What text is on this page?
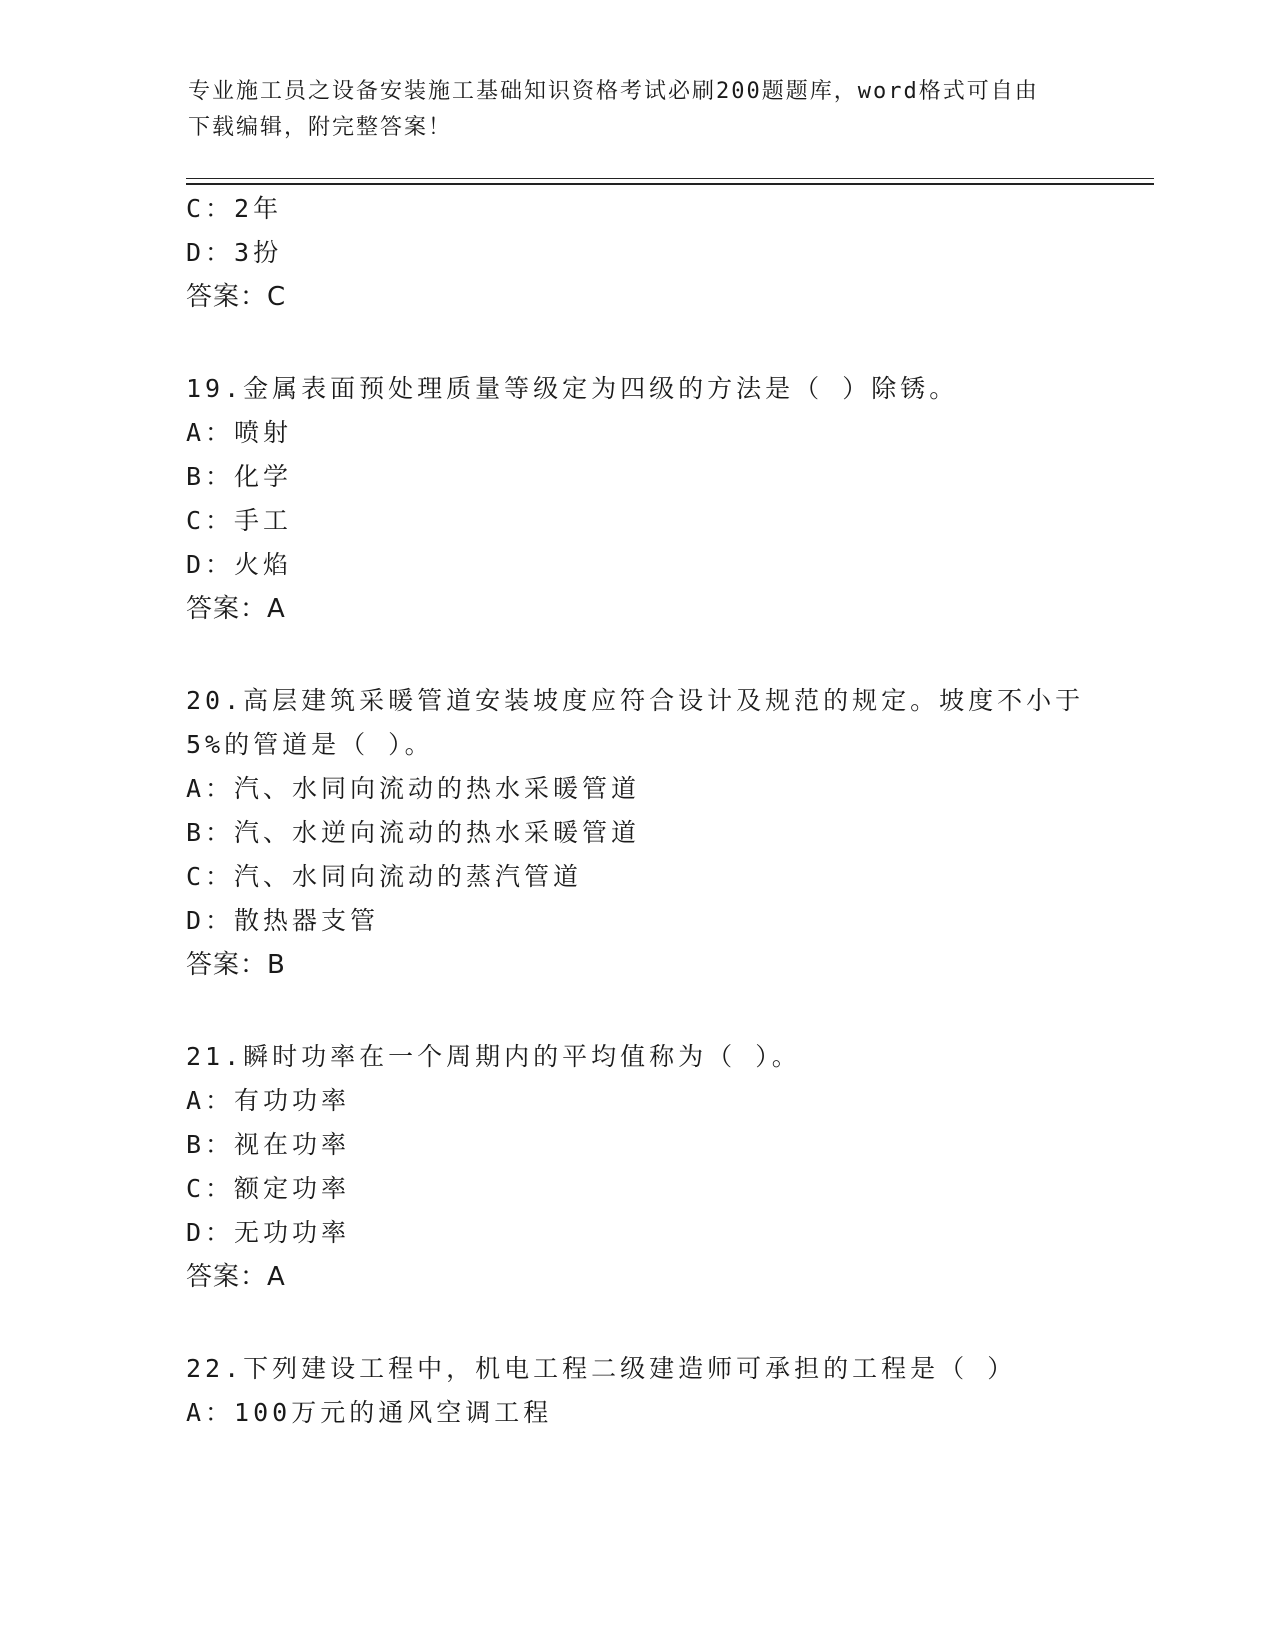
专业施工员之设备安装施工基础知识资格考试必刷200题题库，word格式可自由
下载编辑，附完整答案！
C：2年
D：3扮
答案：C
19.金属表面预处理质量等级定为四级的方法是（ ）除锈。
A：喷射
B：化学
C：手工
D：火焰
答案：A
20.高层建筑采暖管道安装坡度应符合设计及规范的规定。坡度不小于
5%的管道是（ ）。
A：汽、水同向流动的热水采暖管道
B：汽、水逆向流动的热水采暖管道
C：汽、水同向流动的蒸汽管道
D：散热器支管
答案：B
21.瞬时功率在一个周期内的平均值称为（ ）。
A：有功功率
B：视在功率
C：额定功率
D：无功功率
答案：A
22.下列建设工程中，机电工程二级建造师可承担的工程是（ ）
A：100万元的通风空调工程
